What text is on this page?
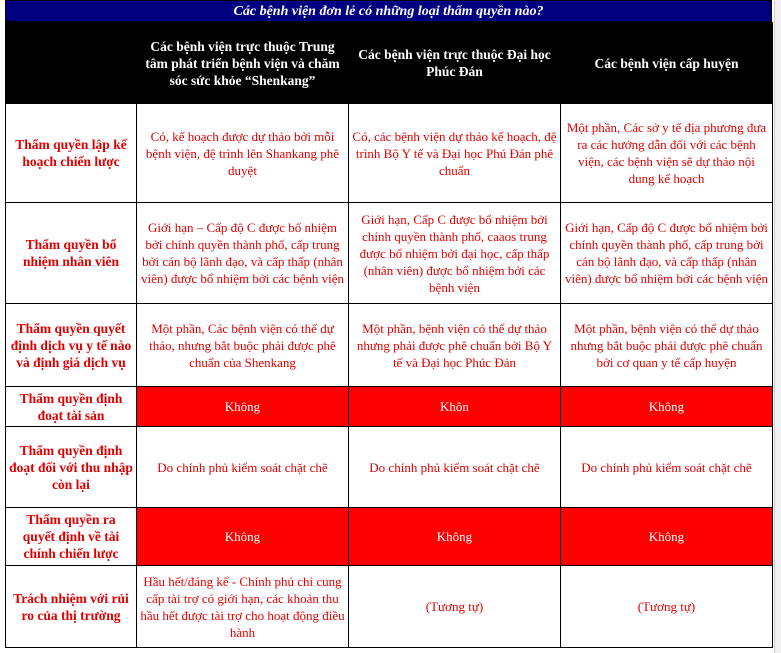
Các bệnh viện đơn lẻ có những loại thẩm quyền nào?
	Các bệnh viện trực thuộc Trung tâm phát triển bệnh viện và chăm sóc sức khỏe “Shenkang”	Các bệnh viện trực thuộc Đại học Phúc Đán	Các bệnh viện cấp huyện
Thẩm quyền lập kế hoạch chiến lược	Có, kế hoạch được dự thảo bởi mỗi bệnh viện, đệ trình lên Shankang phê duyệt	Có, các bệnh viện dự thảo kế hoạch, đệ trình Bộ Y tế và Đại học Phú Đán phê chuẩn	Một phần, Các sở y tế địa phương đưa ra các hướng dẫn đối với các bệnh viện, các bệnh viện sẽ dự thảo nội dung kế hoạch
Thẩm quyền bổ nhiệm nhân viên	Giới hạn – Cấp độ C được bổ nhiệm bởi chính quyền thành phố, cấp trung bởi cán bộ lãnh đạo, và cấp thấp (nhân viên) được bổ nhiệm bởi các bệnh viện	Giới hạn, Cấp C được bổ nhiệm bởi chính quyền thành phố, caaos trung được bổ nhiệm bởi đại học, cấp thấp (nhân viên) được bổ nhiệm bởi các bệnh viện	Giới hạn, Cấp độ C được bổ nhiệm bởi chính quyền thành phố, cấp trung bởi cán bộ lãnh đạo, và cấp thấp (nhân viên) được bổ nhiệm bởi các bệnh viện
Thẩm quyền quyết định dịch vụ y tế nào và định giá dịch vụ	Một phần, Các bệnh viện có thể dự thảo, nhưng bắt buộc phải được phê chuẩn của Shenkang	Một phần, bệnh viện có thể dự thảo nhưng phải được phê chuẩn bởi Bộ Y tế và Đại học Phúc Đán	Một phần, bệnh viện có thể dự thảo nhưng bắt buộc phải được phê chuẩn bởi cơ quan y tế cấp huyện
Thẩm quyền định đoạt tài sản	Không	Khôn	Không
Thẩm quyền định đoạt đối với thu nhập còn lại	Do chính phủ kiểm soát chặt chẽ	Do chính phủ kiểm soát chặt chẽ	Do chính phủ kiểm soát chặt chẽ
Thẩm quyền ra quyết định về tài chính chiến lược	Không	Không	Không
Trách nhiệm với rủi ro của thị trường	Hầu hết/đáng kể - Chính phủ chỉ cung cấp tài trợ có giới hạn, các khoản thu hầu hết được tài trợ cho hoạt động điều hành	(Tương tự)	(Tương tự)
